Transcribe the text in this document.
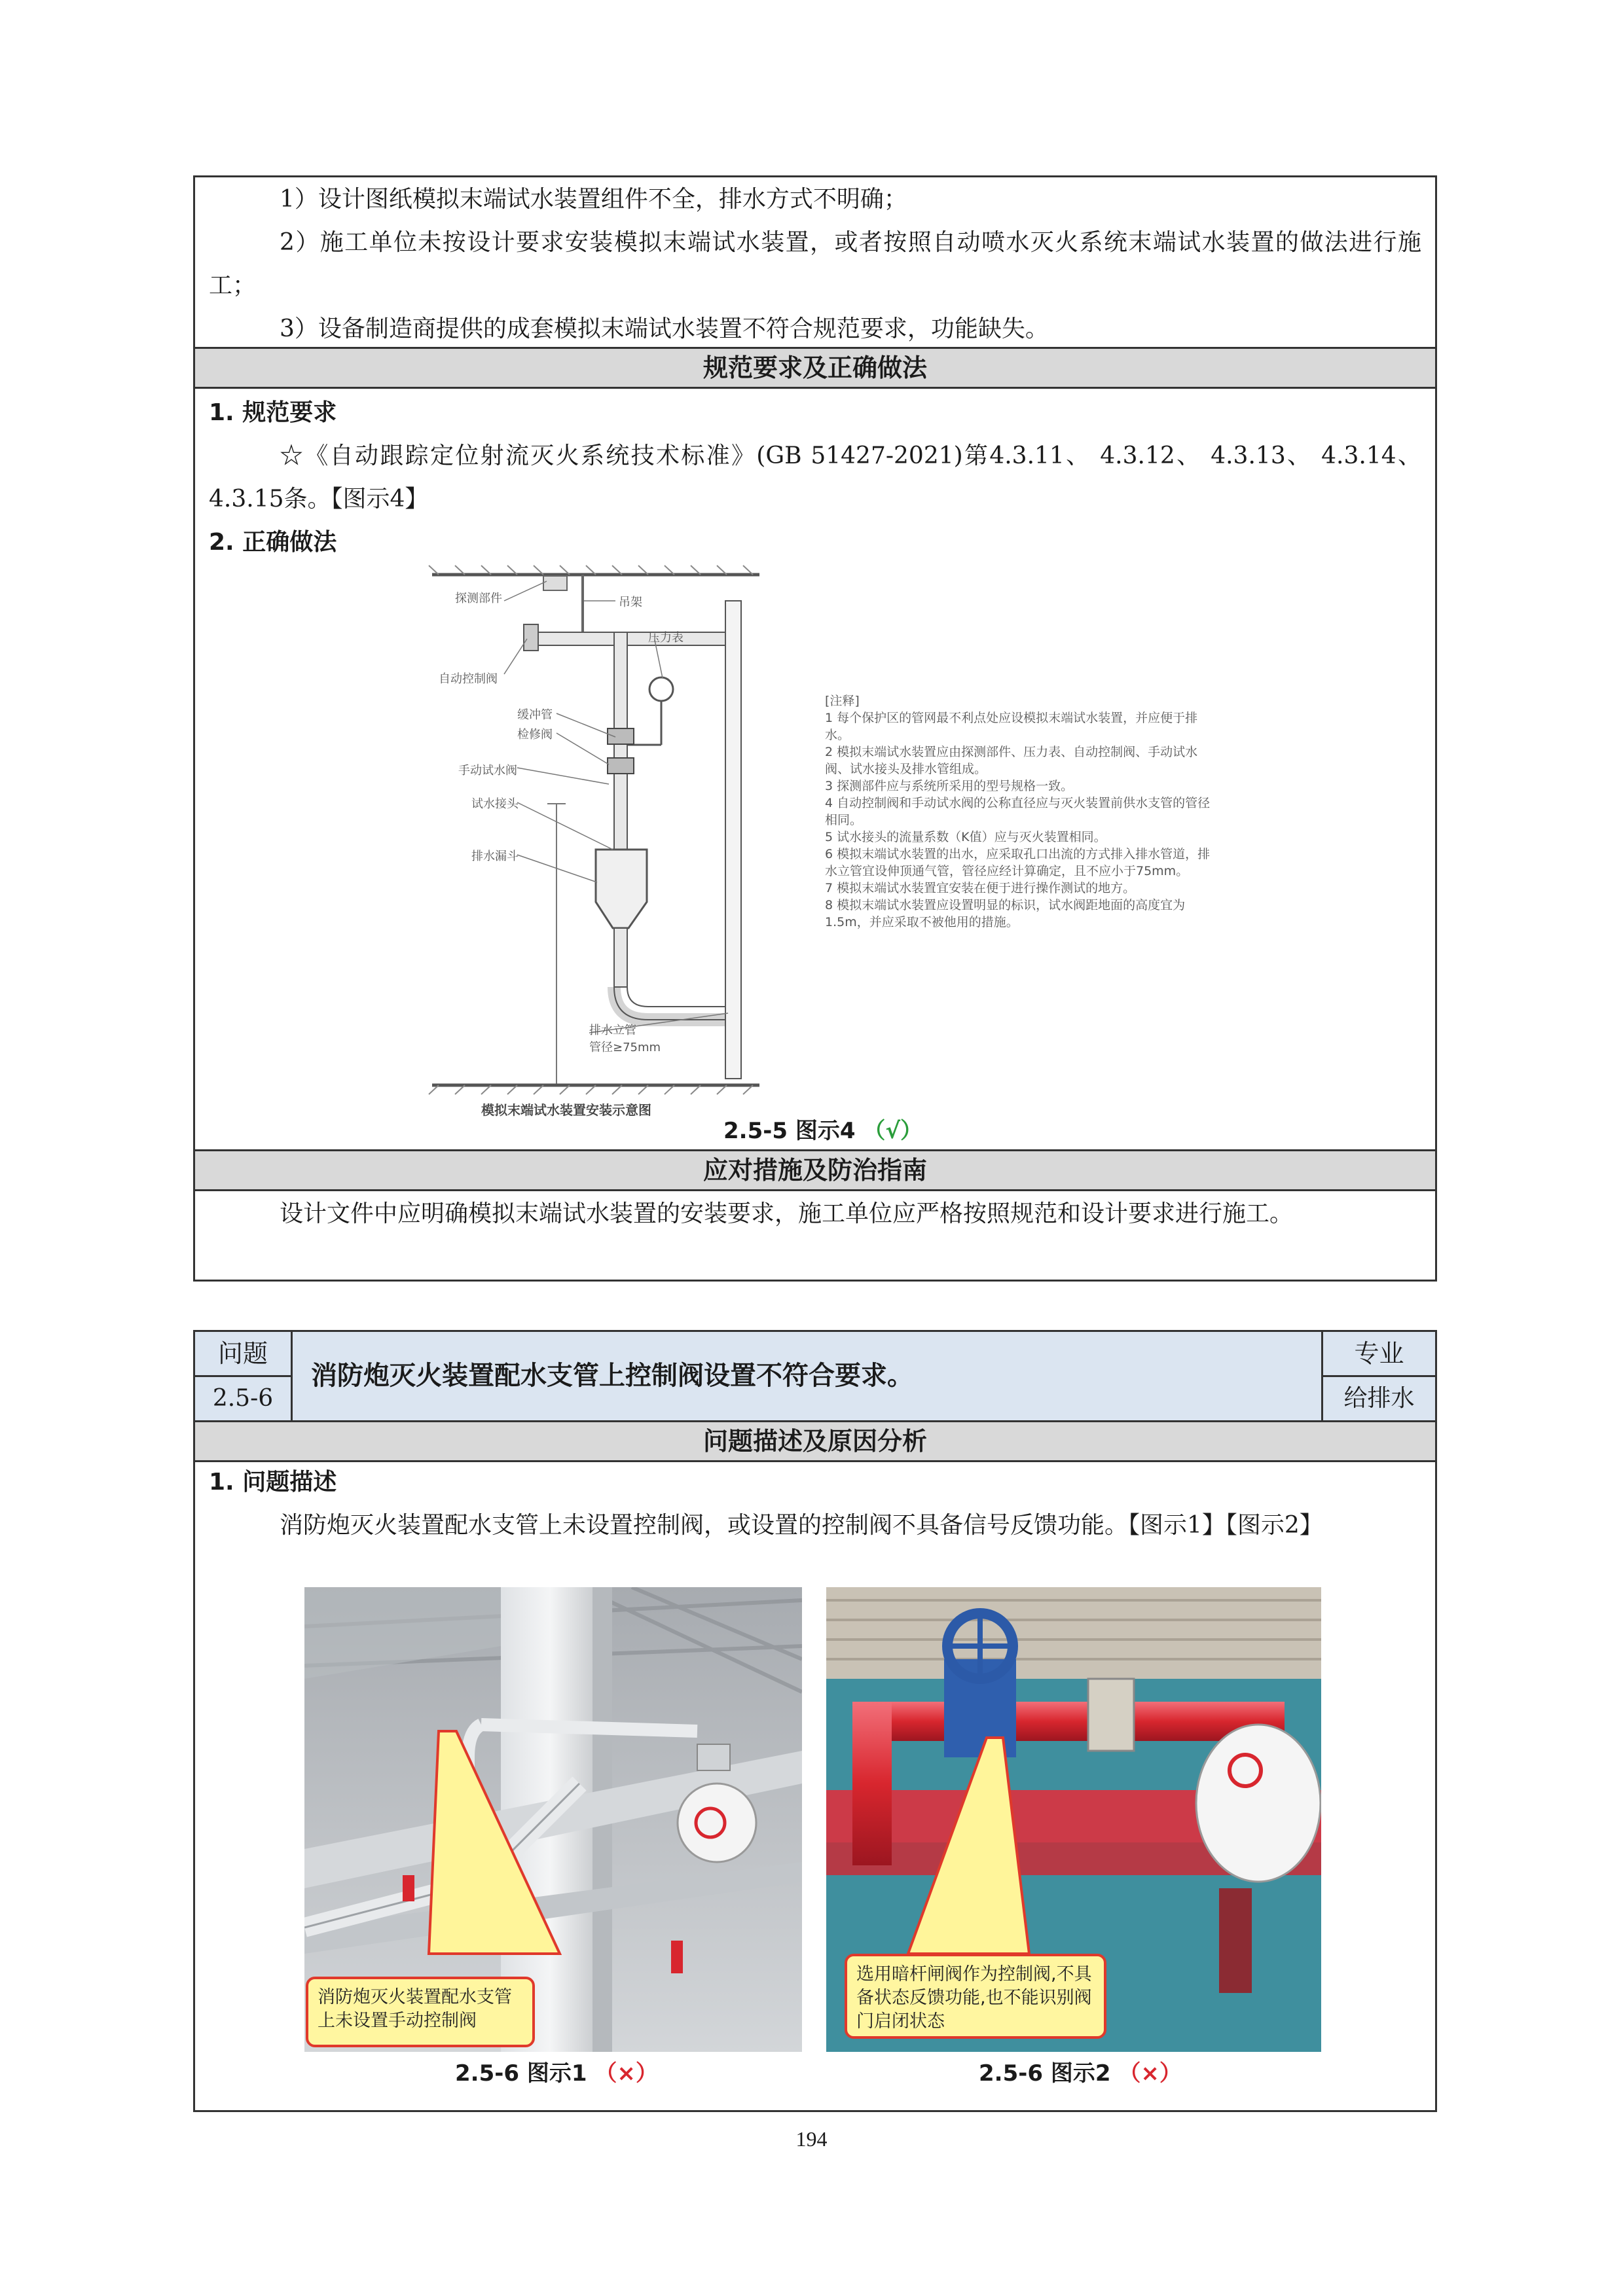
1）设计图纸模拟末端试水装置组件不全，排水方式不明确；

2）施工单位未按设计要求安装模拟末端试水装置，或者按照自动喷水灭火系统末端试水装置的做法进行施工；

3）设备制造商提供的成套模拟末端试水装置不符合规范要求，功能缺失。

规范要求及正确做法

1. 规范要求

☆《自动跟踪定位射流灭火系统技术标准》(GB 51427-2021)第4.3.11、 4.3.12、 4.3.13、 4.3.14、 4.3.15条。【图示4】

2. 正确做法

探测部件	吊架
压力表
自动控制阀
缓冲管
检修阀
手动试水阀
试水接头
排水漏斗
排水立管
管径≥75mm
模拟末端试水装置安装示意图
[注释]
1 每个保护区的管网最不利点处应设模拟末端试水装置，并应便于排水。
2 模拟末端试水装置应由探测部件、压力表、自动控制阀、手动试水阀、试水接头及排水管组成。
3 探测部件应与系统所采用的型号规格一致。
4 自动控制阀和手动试水阀的公称直径应与灭火装置前供水支管的管径相同。
5 试水接头的流量系数（K值）应与灭火装置相同。
6 模拟末端试水装置的出水，应采取孔口出流的方式排入排水管道，排水立管宜设伸顶通气管，管径应经计算确定，且不应小于75mm。
7 模拟末端试水装置宜安装在便于进行操作测试的地方。
8 模拟末端试水装置应设置明显的标识，试水阀距地面的高度宜为1.5m，并应采取不被他用的措施。
2.5-5 图示4 （√）
应对措施及防治指南

设计文件中应明确模拟末端试水装置的安装要求，施工单位应严格按照规范和设计要求进行施工。

问题
2.5-6
消防炮灭火装置配水支管上控制阀设置不符合要求。
专业
给排水
问题描述及原因分析

1. 问题描述

消防炮灭火装置配水支管上未设置控制阀，或设置的控制阀不具备信号反馈功能。【图示1】【图示2】

消防炮灭火装置配水支管上未设置手动控制阀
选用暗杆闸阀作为控制阀,不具备状态反馈功能,也不能识别阀门启闭状态
2.5-6 图示1 （×）	2.5-6 图示2 （×）
194
